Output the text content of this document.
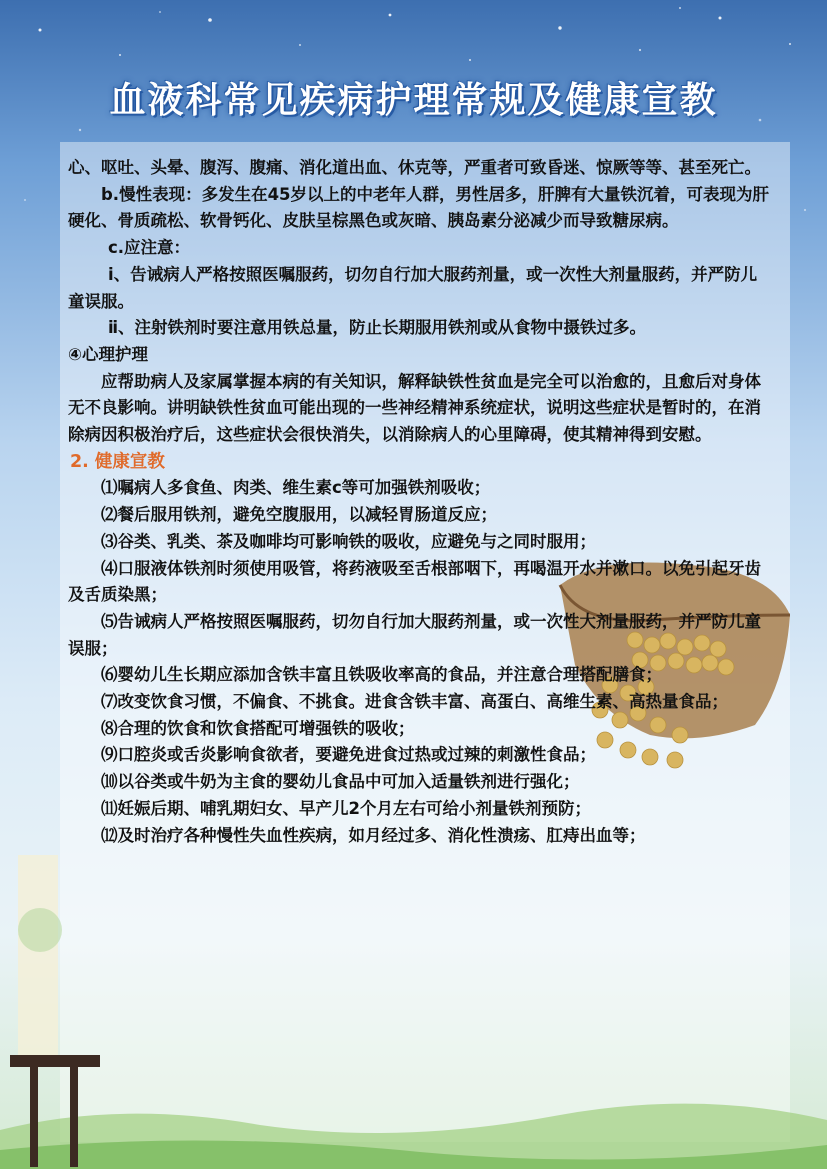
血液科常见疾病护理常规及健康宣教

心、呕吐、头晕、腹泻、腹痛、消化道出血、休克等，严重者可致昏迷、惊厥等等、甚至死亡。

b.慢性表现：多发生在45岁以上的中老年人群，男性居多，肝脾有大量铁沉着，可表现为肝硬化、骨质疏松、软骨钙化、皮肤呈棕黑色或灰暗、胰岛素分泌减少而导致糖尿病。

c.应注意：

ⅰ、告诫病人严格按照医嘱服药，切勿自行加大服药剂量，或一次性大剂量服药，并严防儿童误服。

ⅱ、注射铁剂时要注意用铁总量，防止长期服用铁剂或从食物中摄铁过多。

④心理护理

应帮助病人及家属掌握本病的有关知识，解释缺铁性贫血是完全可以治愈的，且愈后对身体无不良影响。讲明缺铁性贫血可能出现的一些神经精神系统症状，说明这些症状是暂时的，在消除病因积极治疗后，这些症状会很快消失，以消除病人的心里障碍，使其精神得到安慰。

2. 健康宣教

⑴嘱病人多食鱼、肉类、维生素c等可加强铁剂吸收；

⑵餐后服用铁剂，避免空腹服用，以减轻胃肠道反应；

⑶谷类、乳类、茶及咖啡均可影响铁的吸收，应避免与之同时服用；

⑷口服液体铁剂时须使用吸管，将药液吸至舌根部咽下，再喝温开水并漱口。以免引起牙齿及舌质染黑；

⑸告诫病人严格按照医嘱服药，切勿自行加大服药剂量，或一次性大剂量服药，并严防儿童误服；

⑹婴幼儿生长期应添加含铁丰富且铁吸收率高的食品，并注意合理搭配膳食；

⑺改变饮食习惯，不偏食、不挑食。进食含铁丰富、高蛋白、高维生素、高热量食品；

⑻合理的饮食和饮食搭配可增强铁的吸收；

⑼口腔炎或舌炎影响食欲者，要避免进食过热或过辣的刺激性食品；

⑽以谷类或牛奶为主食的婴幼儿食品中可加入适量铁剂进行强化；

⑾妊娠后期、哺乳期妇女、早产儿2个月左右可给小剂量铁剂预防；

⑿及时治疗各种慢性失血性疾病，如月经过多、消化性溃疡、肛痔出血等；
